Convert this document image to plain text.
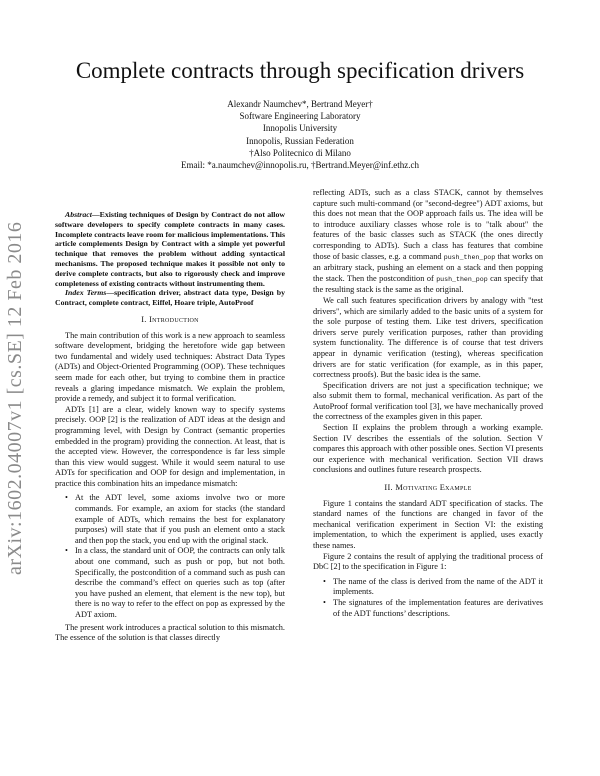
arXiv:1602.04007v1 [cs.SE] 12 Feb 2016
Complete contracts through specification drivers
Alexandr Naumchev*, Bertrand Meyer†
Software Engineering Laboratory
Innopolis University
Innopolis, Russian Federation
†Also Politecnico di Milano
Email: *a.naumchev@innopolis.ru, †Bertrand.Meyer@inf.ethz.ch
Abstract—Existing techniques of Design by Contract do not allow software developers to specify complete contracts in many cases. Incomplete contracts leave room for malicious implementations. This article complements Design by Contract with a simple yet powerful technique that removes the problem without adding syntactical mechanisms. The proposed technique makes it possible not only to derive complete contracts, but also to rigorously check and improve completeness of existing contracts without instrumenting them.
Index Terms—specification driver, abstract data type, Design by Contract, complete contract, Eiffel, Hoare triple, AutoProof
I. Introduction

The main contribution of this work is a new approach to seamless software development, bridging the heretofore wide gap between two fundamental and widely used techniques: Abstract Data Types (ADTs) and Object-Oriented Programming (OOP). These techniques seem made for each other, but trying to combine them in practice reveals a glaring impedance mismatch. We explain the problem, provide a remedy, and subject it to formal verification.

ADTs [1] are a clear, widely known way to specify systems precisely. OOP [2] is the realization of ADT ideas at the design and programming level, with Design by Contract (semantic properties embedded in the program) providing the connection. At least, that is the accepted view. However, the correspondence is far less simple than this view would suggest. While it would seem natural to use ADTs for specification and OOP for design and implementation, in practice this combination hits an impedance mismatch:

• At the ADT level, some axioms involve two or more commands. For example, an axiom for stacks (the standard example of ADTs, which remains the best for explanatory purposes) will state that if you push an element onto a stack and then pop the stack, you end up with the original stack.
• In a class, the standard unit of OOP, the contracts can only talk about one command, such as push or pop, but not both. Specifically, the postcondition of a command such as push can describe the command’s effect on queries such as top (after you have pushed an element, that element is the new top), but there is no way to refer to the effect on pop as expressed by the ADT axiom.

The present work introduces a practical solution to this mismatch. The essence of the solution is that classes directly

reflecting ADTs, such as a class STACK, cannot by themselves capture such multi-command (or "second-degree") ADT axioms, but this does not mean that the OOP approach fails us. The idea will be to introduce auxiliary classes whose role is to "talk about" the features of the basic classes such as STACK (the ones directly corresponding to ADTs). Such a class has features that combine those of basic classes, e.g. a command push_then_pop that works on an arbitrary stack, pushing an element on a stack and then popping the stack. Then the postcondition of push_then_pop can specify that the resulting stack is the same as the original.

We call such features specification drivers by analogy with "test drivers", which are similarly added to the basic units of a system for the sole purpose of testing them. Like test drivers, specification drivers serve purely verification purposes, rather than providing system functionality. The difference is of course that test drivers appear in dynamic verification (testing), whereas specification drivers are for static verification (for example, as in this paper, correctness proofs). But the basic idea is the same.

Specification drivers are not just a specification technique; we also submit them to formal, mechanical verification. As part of the AutoProof formal verification tool [3], we have mechanically proved the correctness of the examples given in this paper.

Section II explains the problem through a working example. Section IV describes the essentials of the solution. Section V compares this approach with other possible ones. Section VI presents our experience with mechanical verification. Section VII draws conclusions and outlines future research prospects.

II. Motivating Example

Figure 1 contains the standard ADT specification of stacks. The standard names of the functions are changed in favor of the mechanical verification experiment in Section VI: the existing implementation, to which the experiment is applied, uses exactly these names.

Figure 2 contains the result of applying the traditional process of DbC [2] to the specification in Figure 1:

• The name of the class is derived from the name of the ADT it implements.
• The signatures of the implementation features are derivatives of the ADT functions’ descriptions.
